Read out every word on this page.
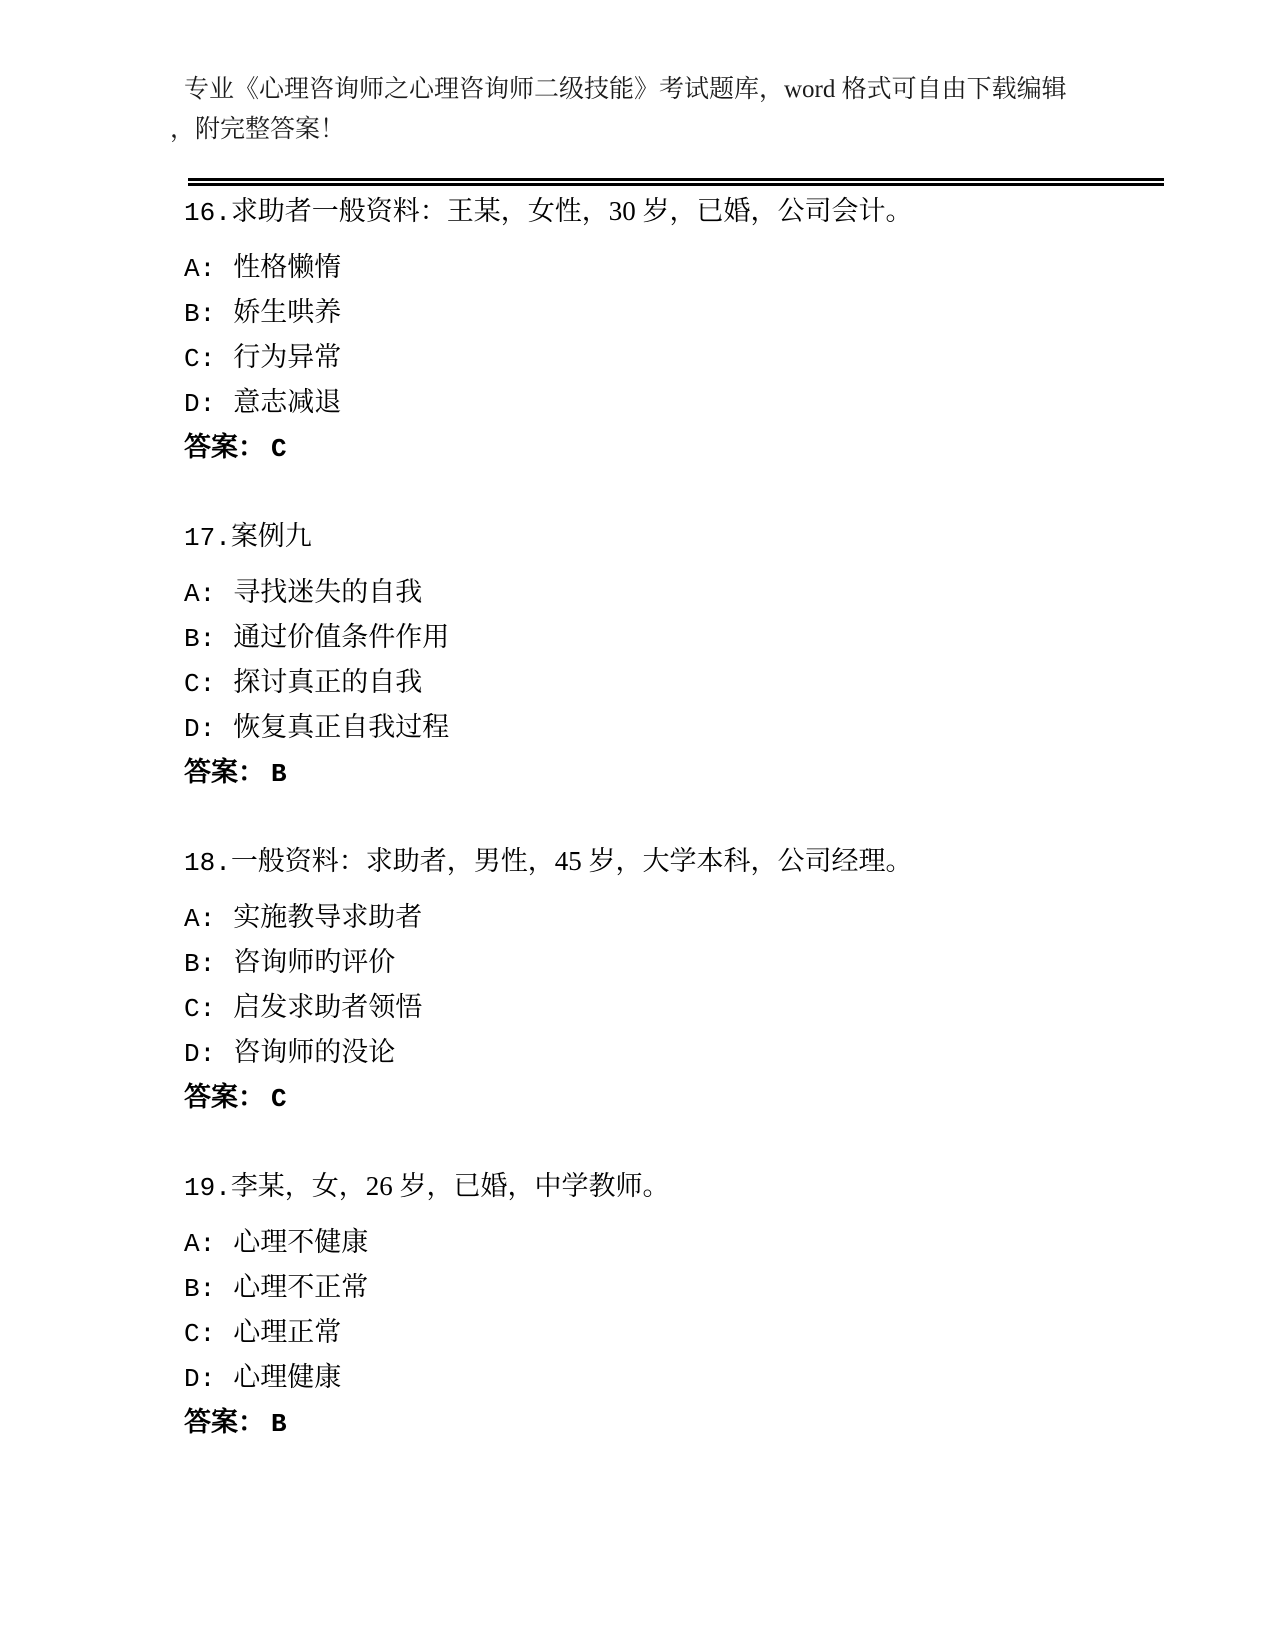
专业《心理咨询师之心理咨询师二级技能》考试题库，word 格式可自由下载编辑
，附完整答案！
16.求助者一般资料：王某，女性，30 岁，已婚，公司会计。
A: 性格懒惰
B: 娇生哄养
C: 行为异常
D: 意志减退
答案： C
17.案例九
A: 寻找迷失的自我
B: 通过价值条件作用
C: 探讨真正的自我
D: 恢复真正自我过程
答案： B
18.一般资料：求助者，男性，45 岁，大学本科，公司经理。
A: 实施教导求助者
B: 咨询师旳评价
C: 启发求助者领悟
D: 咨询师的没论
答案： C
19.李某，女，26 岁，已婚，中学教师。
A: 心理不健康
B: 心理不正常
C: 心理正常
D: 心理健康
答案： B
